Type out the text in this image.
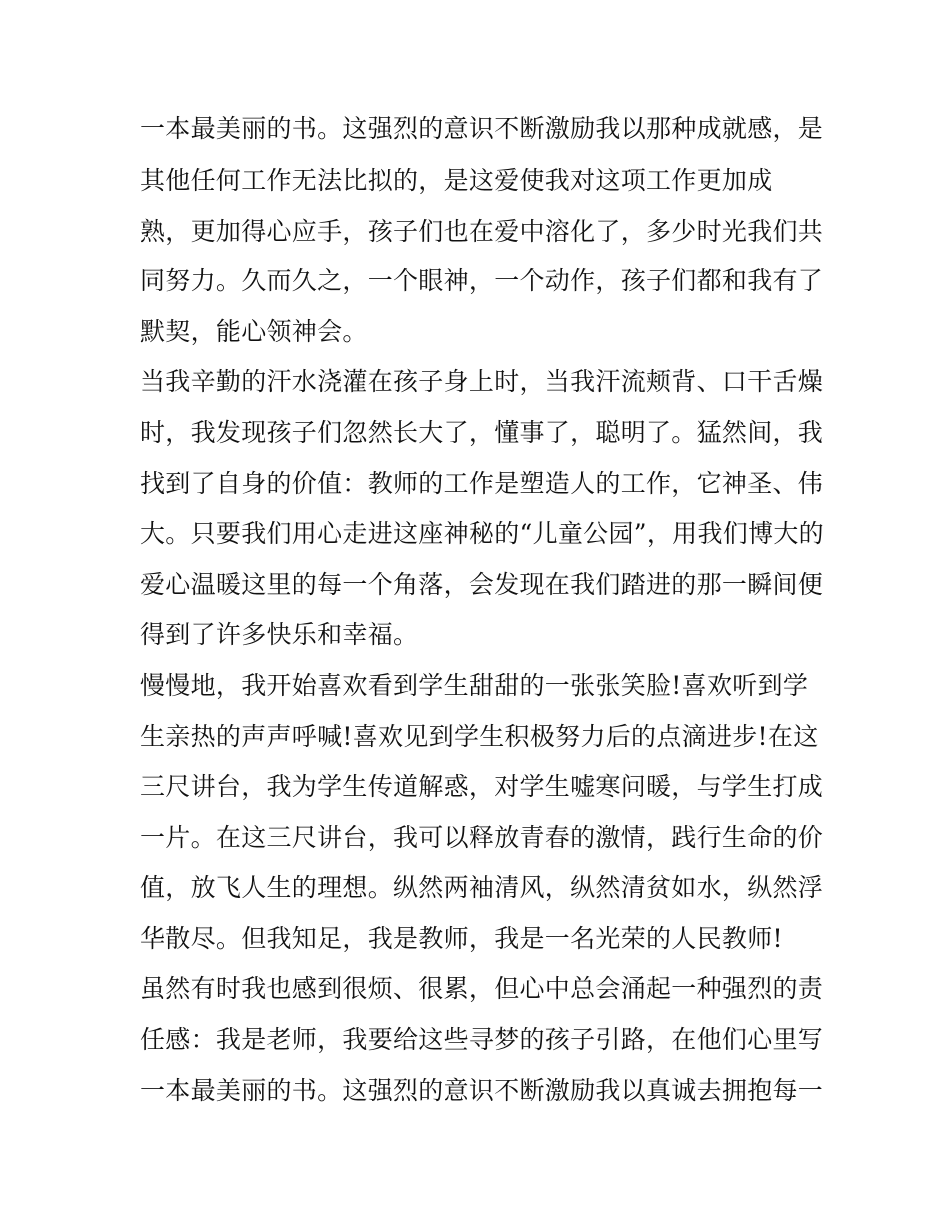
一本最美丽的书。这强烈的意识不断激励我以那种成就感，是
其他任何工作无法比拟的，是这爱使我对这项工作更加成
熟，更加得心应手，孩子们也在爱中溶化了，多少时光我们共
同努力。久而久之，一个眼神，一个动作，孩子们都和我有了
默契，能心领神会。
当我辛勤的汗水浇灌在孩子身上时，当我汗流颊背、口干舌燥
时，我发现孩子们忽然长大了，懂事了，聪明了。猛然间，我
找到了自身的价值：教师的工作是塑造人的工作，它神圣、伟
大。只要我们用心走进这座神秘的“儿童公园”，用我们博大的
爱心温暖这里的每一个角落，会发现在我们踏进的那一瞬间便
得到了许多快乐和幸福。
慢慢地，我开始喜欢看到学生甜甜的一张张笑脸!喜欢听到学
生亲热的声声呼喊!喜欢见到学生积极努力后的点滴进步!在这
三尺讲台，我为学生传道解惑，对学生嘘寒问暖，与学生打成
一片。在这三尺讲台，我可以释放青春的激情，践行生命的价
值，放飞人生的理想。纵然两袖清风，纵然清贫如水，纵然浮
华散尽。但我知足，我是教师，我是一名光荣的人民教师!
虽然有时我也感到很烦、很累，但心中总会涌起一种强烈的责
任感：我是老师，我要给这些寻梦的孩子引路，在他们心里写
一本最美丽的书。这强烈的意识不断激励我以真诚去拥抱每一
